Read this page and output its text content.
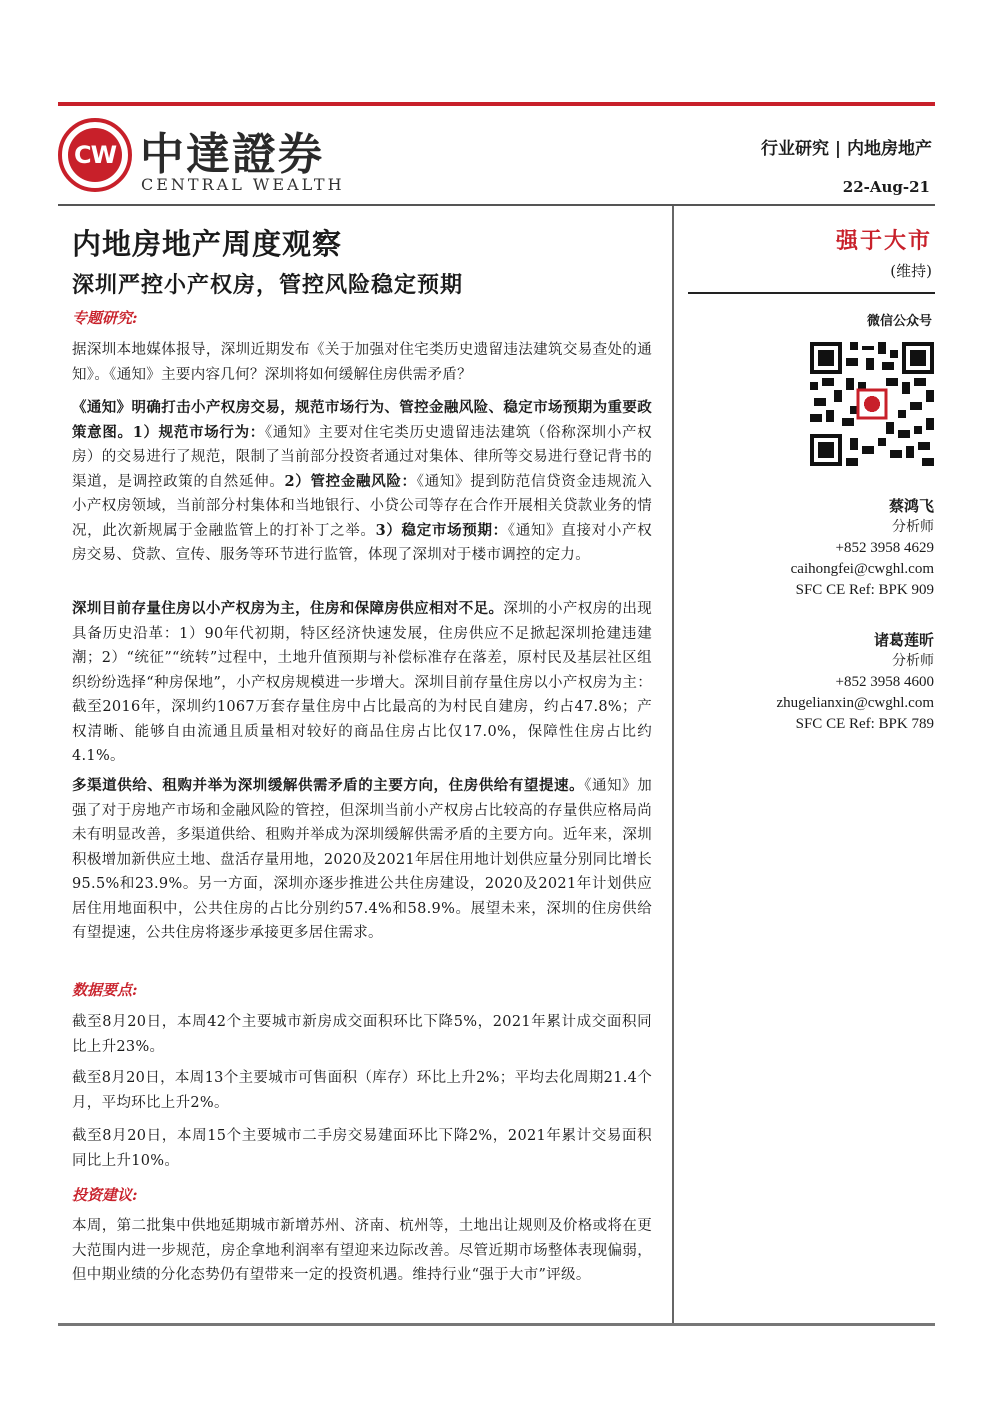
CW 中達證券
CENTRAL WEALTH
行业研究 | 内地房地产
22-Aug-21
内地房地产周度观察
深圳严控小产权房，管控风险稳定预期
专题研究:
据深圳本地媒体报导，深圳近期发布《关于加强对住宅类历史遗留违法建筑交易查处的通知》。《通知》主要内容几何？深圳将如何缓解住房供需矛盾？
《通知》明确打击小产权房交易，规范市场行为、管控金融风险、稳定市场预期为重要政策意图。1）规范市场行为：《通知》主要对住宅类历史遗留违法建筑（俗称深圳小产权房）的交易进行了规范，限制了当前部分投资者通过对集体、律所等交易进行登记背书的渠道，是调控政策的自然延伸。2）管控金融风险：《通知》提到防范信贷资金违规流入小产权房领域，当前部分村集体和当地银行、小贷公司等存在合作开展相关贷款业务的情况，此次新规属于金融监管上的打补丁之举。3）稳定市场预期：《通知》直接对小产权房交易、贷款、宣传、服务等环节进行监管，体现了深圳对于楼市调控的定力。
深圳目前存量住房以小产权房为主，住房和保障房供应相对不足。深圳的小产权房的出现具备历史沿革：1）90年代初期，特区经济快速发展，住房供应不足掀起深圳抢建违建潮；2）“统征”“统转”过程中，土地升值预期与补偿标准存在落差，原村民及基层社区组织纷纷选择“种房保地”，小产权房规模进一步增大。深圳目前存量住房以小产权房为主：截至2016年，深圳约1067万套存量住房中占比最高的为村民自建房，约占47.8%；产权清晰、能够自由流通且质量相对较好的商品住房占比仅17.0%，保障性住房占比约4.1%。
多渠道供给、租购并举为深圳缓解供需矛盾的主要方向，住房供给有望提速。《通知》加强了对于房地产市场和金融风险的管控，但深圳当前小产权房占比较高的存量供应格局尚未有明显改善，多渠道供给、租购并举成为深圳缓解供需矛盾的主要方向。近年来，深圳积极增加新供应土地、盘活存量用地，2020及2021年居住用地计划供应量分别同比增长95.5%和23.9%。另一方面，深圳亦逐步推进公共住房建设，2020及2021年计划供应居住用地面积中，公共住房的占比分别约57.4%和58.9%。展望未来，深圳的住房供给有望提速，公共住房将逐步承接更多居住需求。
数据要点:
截至8月20日，本周42个主要城市新房成交面积环比下降5%，2021年累计成交面积同比上升23%。
截至8月20日，本周13个主要城市可售面积（库存）环比上升2%；平均去化周期21.4个月，平均环比上升2%。
截至8月20日，本周15个主要城市二手房交易建面环比下降2%，2021年累计交易面积同比上升10%。
投资建议:
本周，第二批集中供地延期城市新增苏州、济南、杭州等，土地出让规则及价格或将在更大范围内进一步规范，房企拿地利润率有望迎来边际改善。尽管近期市场整体表现偏弱，但中期业绩的分化态势仍有望带来一定的投资机遇。维持行业“强于大市”评级。
强于大市
(维持)
微信公众号
蔡鸿飞
分析师
+852 3958 4629
caihongfei@cwghl.com
SFC CE Ref: BPK 909
诸葛莲昕
分析师
+852 3958 4600
zhugelianxin@cwghl.com
SFC CE Ref: BPK 789
